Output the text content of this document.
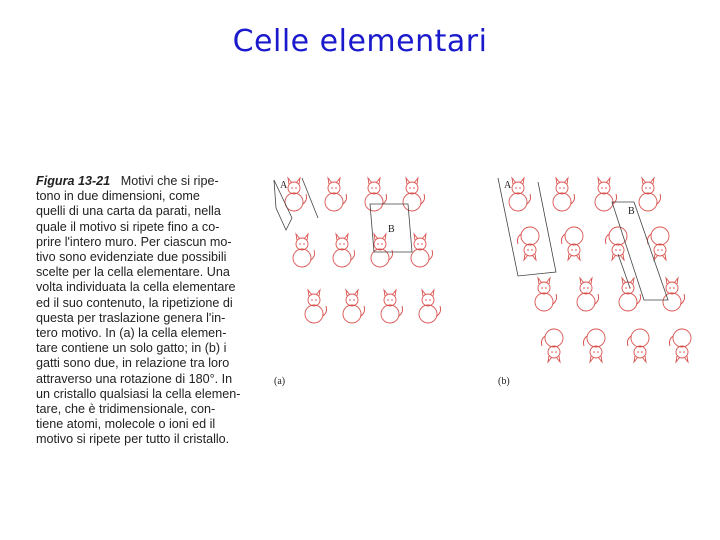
Celle elementari
Figura 13-21 Motivi che si ripe-
tono in due dimensioni, come
quelli di una carta da parati, nella
quale il motivo si ripete fino a co-
prire l'intero muro. Per ciascun mo-
tivo sono evidenziate due possibili
scelte per la cella elementare. Una
volta individuata la cella elementare
ed il suo contenuto, la ripetizione di
questa per traslazione genera l'in-
tero motivo. In (a) la cella elemen-
tare contiene un solo gatto; in (b) i
gatti sono due, in relazione tra loro
attraverso una rotazione di 180°. In
un cristallo qualsiasi la cella elemen-
tare, che è tridimensionale, con-
tiene atomi, molecole o ioni ed il
motivo si ripete per tutto il cristallo.
A
B
(a)
A
B
(b)
